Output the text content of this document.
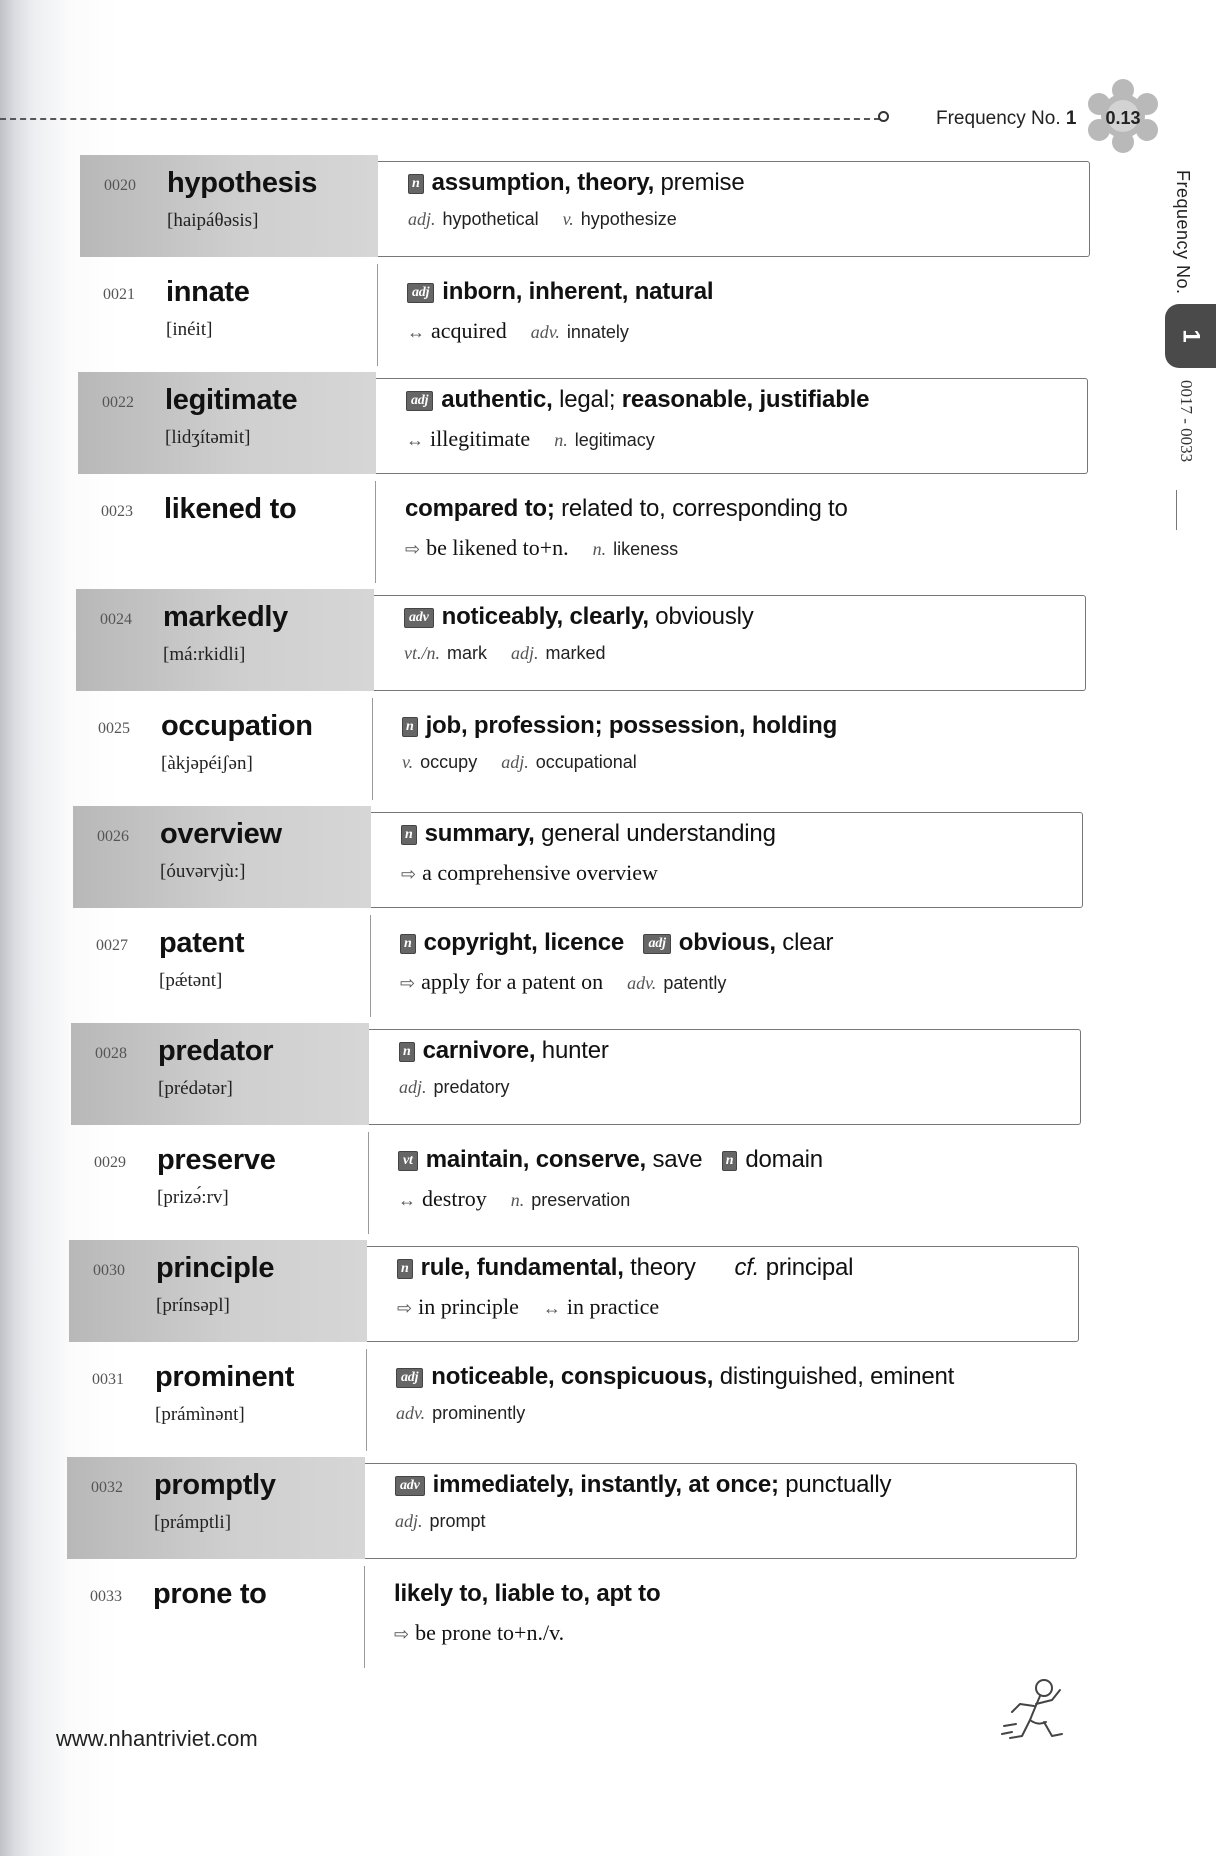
Frequency No. 1	0.13
Frequency No.
1
0017 - 0033
0020 hypothesis
[haipáθəsis]
n assumption, theory, premise
adj. hypothetical v. hypothesize
0021 innate
[inéit]
adj inborn, inherent, natural
↔ acquired adv. innately
0022 legitimate
[lidʒítəmit]
adj authentic, legal; reasonable, justifiable
↔ illegitimate n. legitimacy
0023 likened to	compared to; related to, corresponding to
⇨ be likened to+n. n. likeness
0024 markedly
[má:rkidli]
adv noticeably, clearly, obviously
vt./n. mark adj. marked
0025 occupation
[àkjəpéiʃən]
n job, profession; possession, holding
v. occupy adj. occupational
0026 overview
[óuvərvjù:]
n summary, general understanding
⇨ a comprehensive overview
0027 patent
[pǽtənt]
n copyright, licence adj obvious, clear
⇨ apply for a patent on adv. patently
0028 predator
[prédətər]
n carnivore, hunter
adj. predatory
0029 preserve
[prizə́:rv]
vt maintain, conserve, save   n domain
↔ destroy n. preservation
0030 principle
[prínsəpl]
n rule, fundamental, theory      cf. principal
⇨ in principle ↔ in practice
0031 prominent
[prámìnənt]
adj noticeable, conspicuous, distinguished, eminent
adv. prominently
0032 promptly
[prámptli]
adv immediately, instantly, at once; punctually
adj. prompt
0033 prone to	likely to, liable to, apt to
⇨ be prone to+n./v.
www.nhantriviet.com
